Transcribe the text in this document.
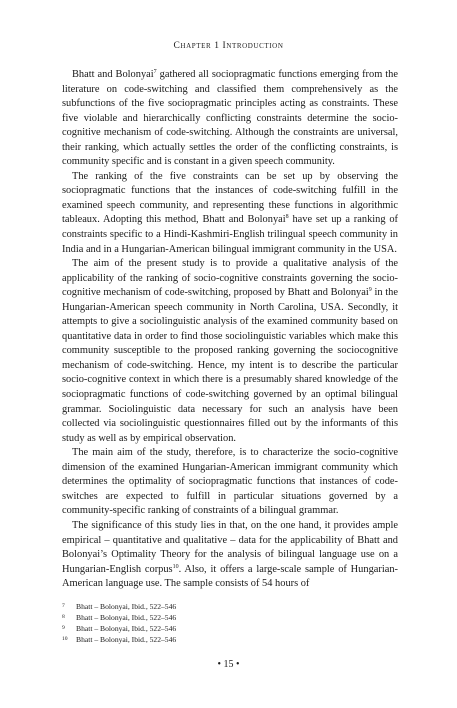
Chapter 1 Introduction

Bhatt and Bolonyai$^7$ gathered all sociopragmatic functions emerging from the literature on code-switching and classified them comprehensively as the subfunctions of the five sociopragmatic principles acting as constraints. These five violable and hierarchically conflicting constraints determine the socio-cognitive mechanism of code-switching. Although the constraints are universal, their ranking, which actually settles the order of the conflicting constraints, is community specific and is constant in a given speech community.

The ranking of the five constraints can be set up by observing the sociopragmatic functions that the instances of code-switching fulfill in the examined speech community, and representing these functions in algorithmic tableaux. Adopting this method, Bhatt and Bolonyai$^8$ have set up a ranking of constraints specific to a Hindi-Kashmiri-English trilingual speech community in India and in a Hungarian-American bilingual immigrant community in the USA.

The aim of the present study is to provide a qualitative analysis of the applicability of the ranking of socio-cognitive constraints governing the socio-cognitive mechanism of code-switching, proposed by Bhatt and Bolonyai$^9$ in the Hungarian-American speech community in North Carolina, USA. Secondly, it attempts to give a sociolinguistic analysis of the examined community based on quantitative data in order to find those sociolinguistic variables which make this community susceptible to the proposed ranking governing the sociocognitive mechanism of code-switching. Hence, my intent is to describe the particular socio-cognitive context in which there is a presumably shared knowledge of the sociopragmatic functions of code-switching governed by an optimal bilingual grammar. Sociolinguistic data necessary for such an analysis have been collected via sociolinguistic questionnaires filled out by the informants of this study as well as by empirical observation.

The main aim of the study, therefore, is to characterize the socio-cognitive dimension of the examined Hungarian-American immigrant community which determines the optimality of sociopragmatic functions that instances of code-switches are expected to fulfill in particular situations governed by a community-specific ranking of constraints of a bilingual grammar.

The significance of this study lies in that, on the one hand, it provides ample empirical – quantitative and qualitative – data for the applicability of Bhatt and Bolonyai’s Optimality Theory for the analysis of bilingual language use on a Hungarian-English corpus$^{10}$. Also, it offers a large-scale sample of Hungarian-American language use. The sample consists of 54 hours of

7	Bhatt – Bolonyai, Ibid., 522–546
8	Bhatt – Bolonyai, Ibid., 522–546
9	Bhatt – Bolonyai, Ibid., 522–546
10	Bhatt – Bolonyai, Ibid., 522–546
• 15 •
